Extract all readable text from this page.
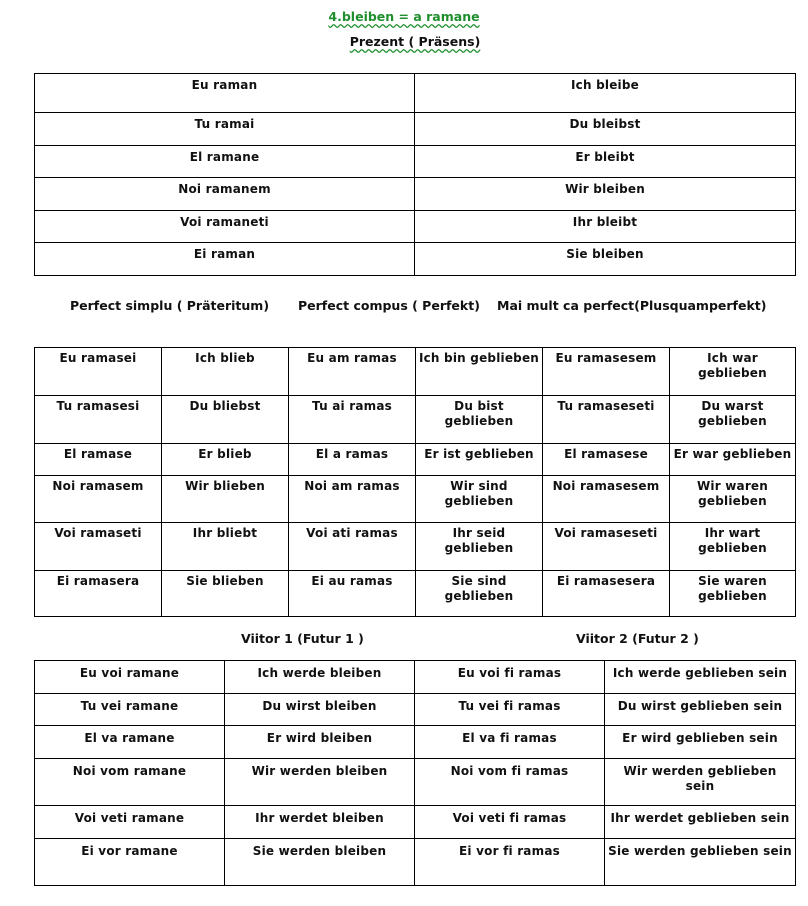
4.bleiben = a ramane
Prezent ( Präsens)
Eu raman	Ich bleibe
Tu ramai	Du bleibst
El ramane	Er bleibt
Noi ramanem	Wir bleiben
Voi ramaneti	Ihr bleibt
Ei raman	Sie bleiben
Perfect simplu ( Präteritum) Perfect compus ( Perfekt) Mai mult ca perfect(Plusquamperfekt)
Eu ramasei	Ich blieb	Eu am ramas	Ich bin geblieben	Eu ramasesem	Ich war geblieben
Tu ramasesi	Du bliebst	Tu ai ramas	Du bist geblieben	Tu ramaseseti	Du warst geblieben
El ramase	Er blieb	El a ramas	Er ist geblieben	El ramasese	Er war geblieben
Noi ramasem	Wir blieben	Noi am ramas	Wir sind geblieben	Noi ramasesem	Wir waren geblieben
Voi ramaseti	Ihr bliebt	Voi ati ramas	Ihr seid geblieben	Voi ramaseseti	Ihr wart geblieben
Ei ramasera	Sie blieben	Ei au ramas	Sie sind geblieben	Ei ramasesera	Sie waren geblieben
Viitor 1 (Futur 1 )	Viitor 2 (Futur 2 )
Eu voi ramane	Ich werde bleiben	Eu voi fi ramas	Ich werde geblieben sein
Tu vei ramane	Du wirst bleiben	Tu vei fi ramas	Du wirst geblieben sein
El va ramane	Er wird bleiben	El va fi ramas	Er wird geblieben sein
Noi vom ramane	Wir werden bleiben	Noi vom fi ramas	Wir werden geblieben sein
Voi veti ramane	Ihr werdet bleiben	Voi veti fi ramas	Ihr werdet geblieben sein
Ei vor ramane	Sie werden bleiben	Ei vor fi ramas	Sie werden geblieben sein
